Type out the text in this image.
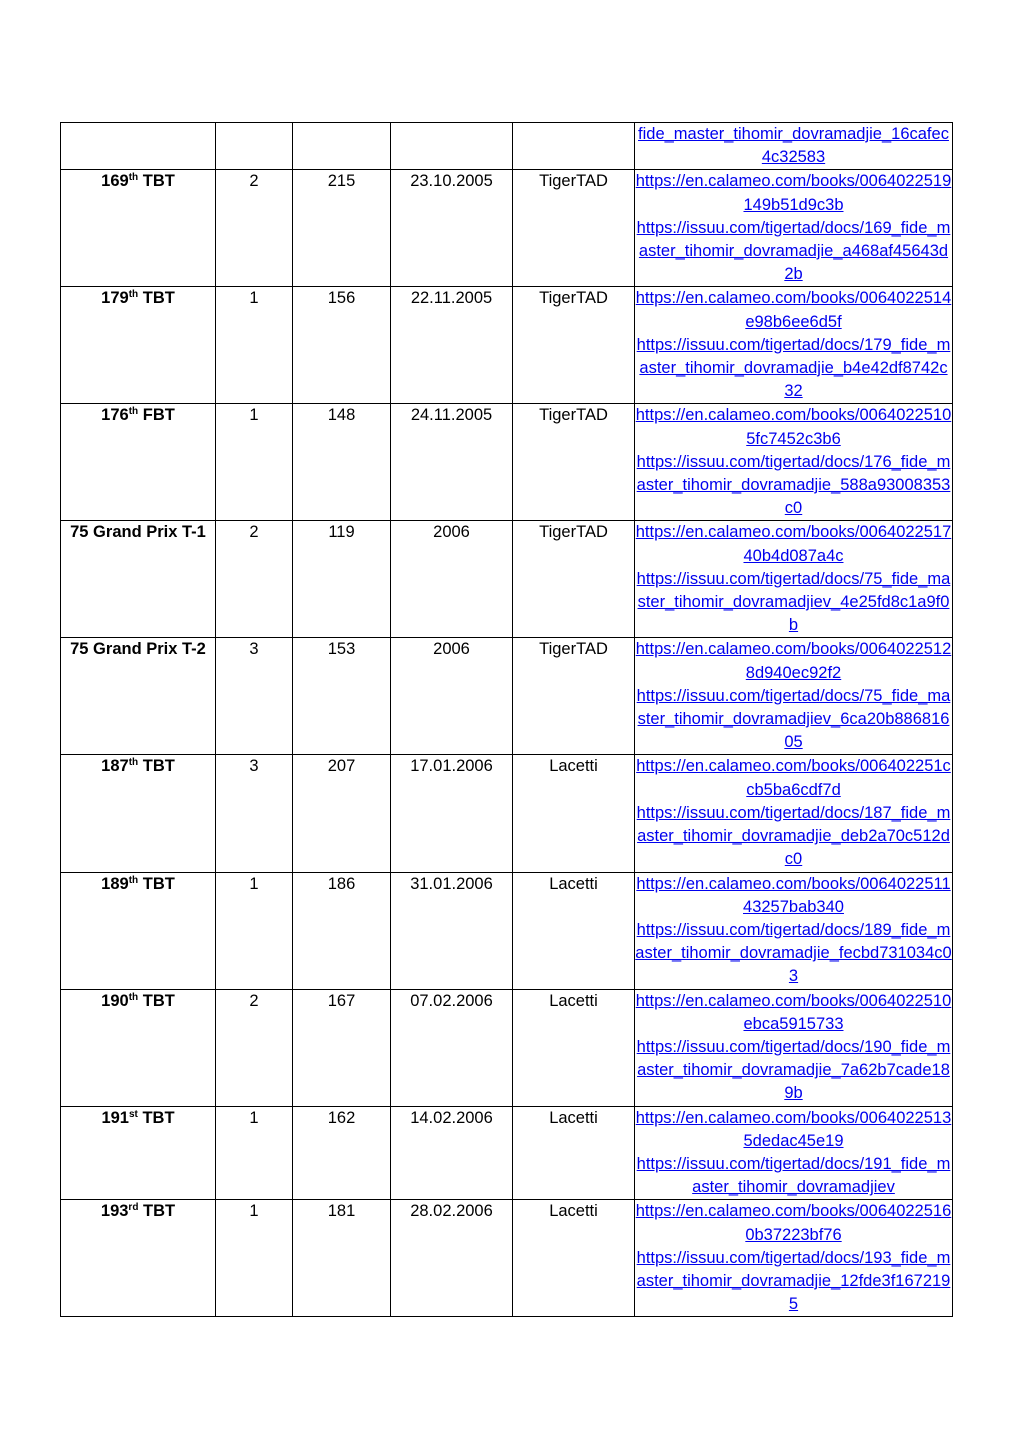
					fide_master_tihomir_dovramadjie_16cafec4c32583

169th TBT	2	215	23.10.2005	TigerTAD	https://en.calameo.com/books/0064022519149b51d9c3b
https://issuu.com/tigertad/docs/169_fide_master_tihomir_dovramadjie_a468af45643d2b

179th TBT	1	156	22.11.2005	TigerTAD	https://en.calameo.com/books/0064022514e98b6ee6d5f
https://issuu.com/tigertad/docs/179_fide_master_tihomir_dovramadjie_b4e42df8742c32

176th FBT	1	148	24.11.2005	TigerTAD	https://en.calameo.com/books/00640225105fc7452c3b6
https://issuu.com/tigertad/docs/176_fide_master_tihomir_dovramadjie_588a93008353c0

75 Grand Prix T-1	2	119	2006	TigerTAD	https://en.calameo.com/books/006402251740b4d087a4c
https://issuu.com/tigertad/docs/75_fide_master_tihomir_dovramadjiev_4e25fd8c1a9f0b

75 Grand Prix T-2	3	153	2006	TigerTAD	https://en.calameo.com/books/00640225128d940ec92f2
https://issuu.com/tigertad/docs/75_fide_master_tihomir_dovramadjiev_6ca20b88681605

187th TBT	3	207	17.01.2006	Lacetti	https://en.calameo.com/books/006402251ccb5ba6cdf7d
https://issuu.com/tigertad/docs/187_fide_master_tihomir_dovramadjie_deb2a70c512dc0

189th TBT	1	186	31.01.2006	Lacetti	https://en.calameo.com/books/006402251143257bab340
https://issuu.com/tigertad/docs/189_fide_master_tihomir_dovramadjie_fecbd731034c03

190th TBT	2	167	07.02.2006	Lacetti	https://en.calameo.com/books/0064022510ebca5915733
https://issuu.com/tigertad/docs/190_fide_master_tihomir_dovramadjie_7a62b7cade189b

191st TBT	1	162	14.02.2006	Lacetti	https://en.calameo.com/books/00640225135dedac45e19
https://issuu.com/tigertad/docs/191_fide_master_tihomir_dovramadjiev

193rd TBT	1	181	28.02.2006	Lacetti	https://en.calameo.com/books/00640225160b37223bf76
https://issuu.com/tigertad/docs/193_fide_master_tihomir_dovramadjie_12fde3f1672195
